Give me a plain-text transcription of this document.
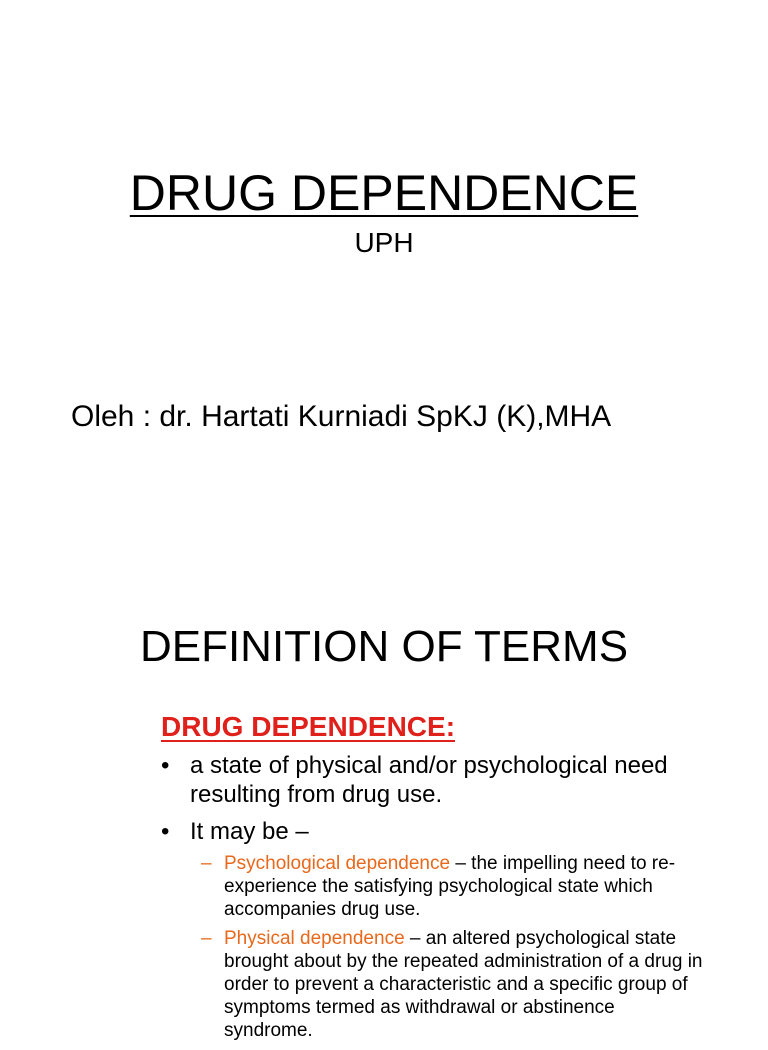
DRUG DEPENDENCE
UPH
Oleh : dr. Hartati Kurniadi SpKJ (K),MHA
DEFINITION OF TERMS
DRUG DEPENDENCE:
• a state of physical and/or psychological need resulting from drug use.
• It may be –
– Psychological dependence – the impelling need to re-experience the satisfying psychological state which accompanies drug use.
– Physical dependence – an altered psychological state brought about by the repeated administration of a drug in order to prevent a characteristic and a specific group of symptoms termed as withdrawal or abstinence syndrome.
